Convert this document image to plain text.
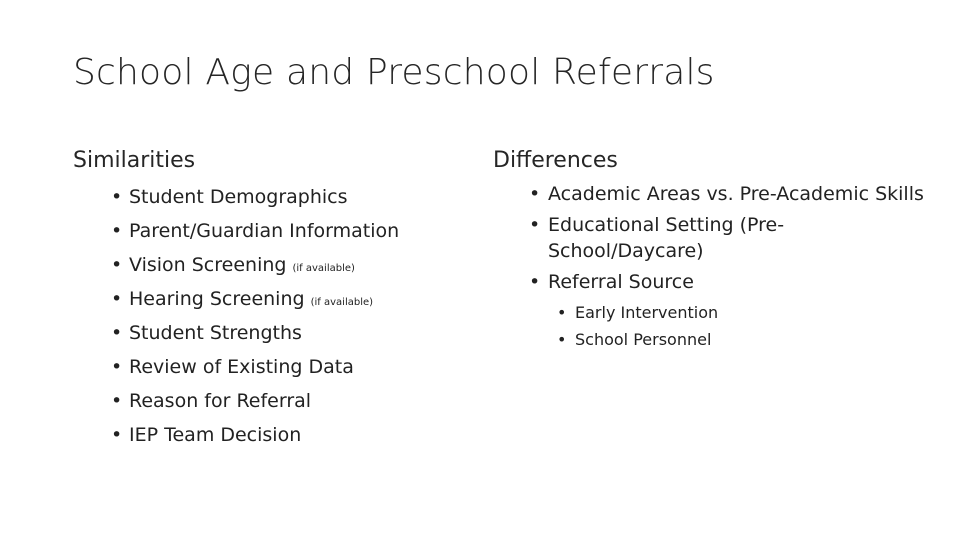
School Age and Preschool Referrals
Similarities
• Student Demographics
• Parent/Guardian Information
• Vision Screening (if available)
• Hearing Screening (if available)
• Student Strengths
• Review of Existing Data
• Reason for Referral
• IEP Team Decision
Differences
• Academic Areas vs. Pre-Academic Skills
• Educational Setting (Pre-School/Daycare)
• Referral Source
• Early Intervention
• School Personnel
